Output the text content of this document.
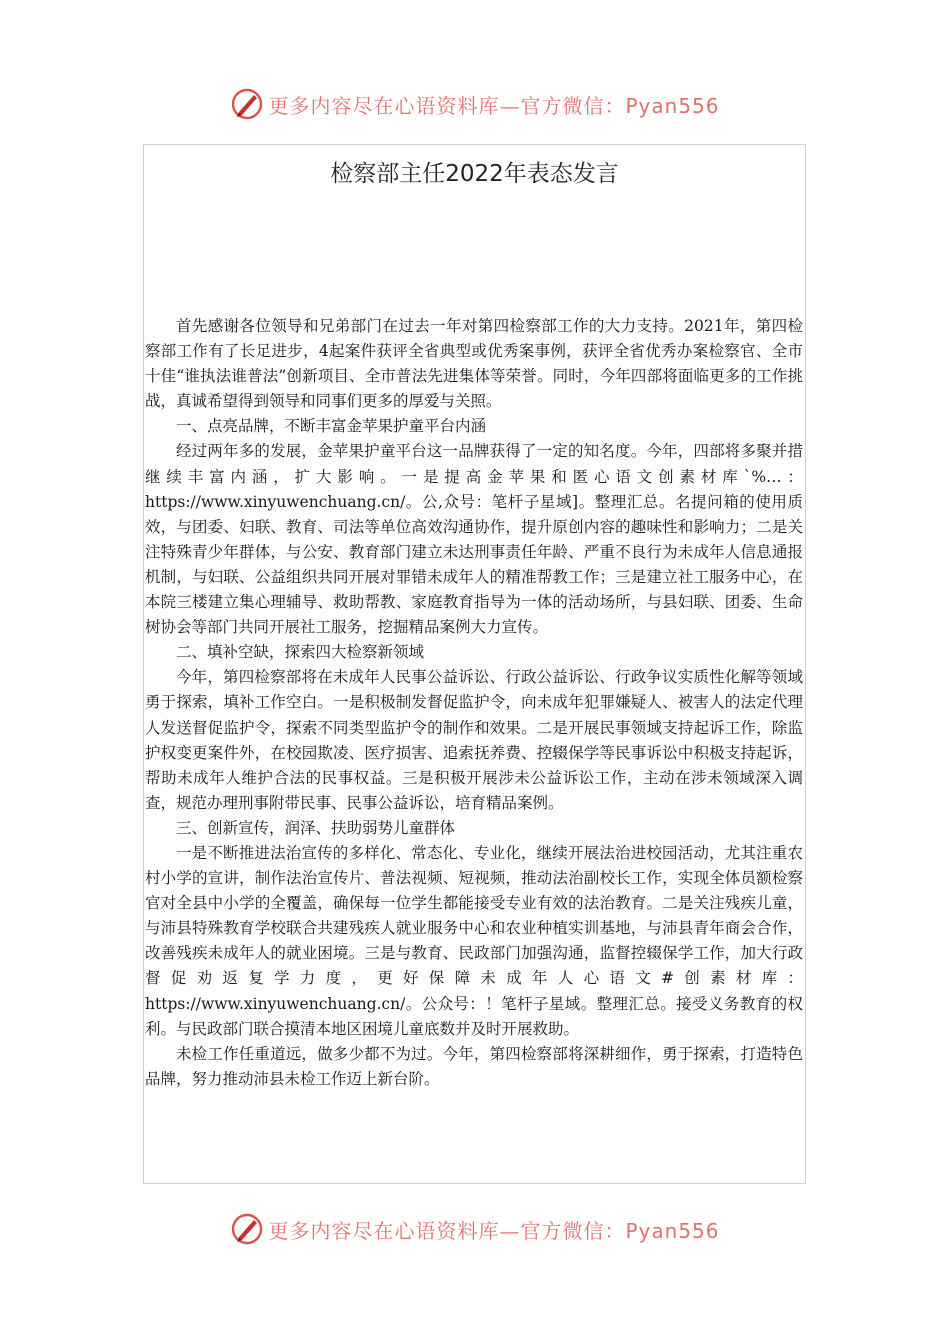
更多内容尽在心语资料库—官方微信：Pyan556
检察部主任2022年表态发言

首先感谢各位领导和兄弟部门在过去一年对第四检察部工作的大力支持。2021年，第四检察部工作有了长足进步，4起案件获评全省典型或优秀案事例，获评全省优秀办案检察官、全市十佳“谁执法谁普法”创新项目、全市普法先进集体等荣誉。同时，今年四部将面临更多的工作挑战，真诚希望得到领导和同事们更多的厚爱与关照。

一、点亮品牌，不断丰富金苹果护童平台内涵

经过两年多的发展，金苹果护童平台这一品牌获得了一定的知名度。今年，四部将多聚并措继续丰富内涵，扩大影响。一是提高金苹果和匿心语文创素材库`%…：https://www.xinyuwenchuang.cn/。公,众号：笔杆子星域]。整理汇总。名提问箱的使用质效，与团委、妇联、教育、司法等单位高效沟通协作，提升原创内容的趣味性和影响力；二是关注特殊青少年群体，与公安、教育部门建立未达刑事责任年龄、严重不良行为未成年人信息通报机制，与妇联、公益组织共同开展对罪错未成年人的精准帮教工作；三是建立社工服务中心，在本院三楼建立集心理辅导、救助帮教、家庭教育指导为一体的活动场所，与县妇联、团委、生命树协会等部门共同开展社工服务，挖掘精品案例大力宣传。

二、填补空缺，探索四大检察新领域

今年，第四检察部将在未成年人民事公益诉讼、行政公益诉讼、行政争议实质性化解等领域勇于探索，填补工作空白。一是积极制发督促监护令，向未成年犯罪嫌疑人、被害人的法定代理人发送督促监护令，探索不同类型监护令的制作和效果。二是开展民事领域支持起诉工作，除监护权变更案件外，在校园欺凌、医疗损害、追索抚养费、控辍保学等民事诉讼中积极支持起诉，帮助未成年人维护合法的民事权益。三是积极开展涉未公益诉讼工作，主动在涉未领域深入调查，规范办理刑事附带民事、民事公益诉讼，培育精品案例。

三、创新宣传，润泽、扶助弱势儿童群体

一是不断推进法治宣传的多样化、常态化、专业化，继续开展法治进校园活动，尤其注重农村小学的宣讲，制作法治宣传片、普法视频、短视频，推动法治副校长工作，实现全体员额检察官对全县中小学的全覆盖，确保每一位学生都能接受专业有效的法治教育。二是关注残疾儿童，与沛县特殊教育学校联合共建残疾人就业服务中心和农业种植实训基地，与沛县青年商会合作，改善残疾未成年人的就业困境。三是与教育、民政部门加强沟通，监督控辍保学工作，加大行政督促劝返复学力度，更好保障未成年人心语文#创素材库：https://www.xinyuwenchuang.cn/。公众号：！笔杆子星域。整理汇总。接受义务教育的权利。与民政部门联合摸清本地区困境儿童底数并及时开展救助。

未检工作任重道远，做多少都不为过。今年，第四检察部将深耕细作，勇于探索，打造特色品牌，努力推动沛县未检工作迈上新台阶。

更多内容尽在心语资料库—官方微信：Pyan556
